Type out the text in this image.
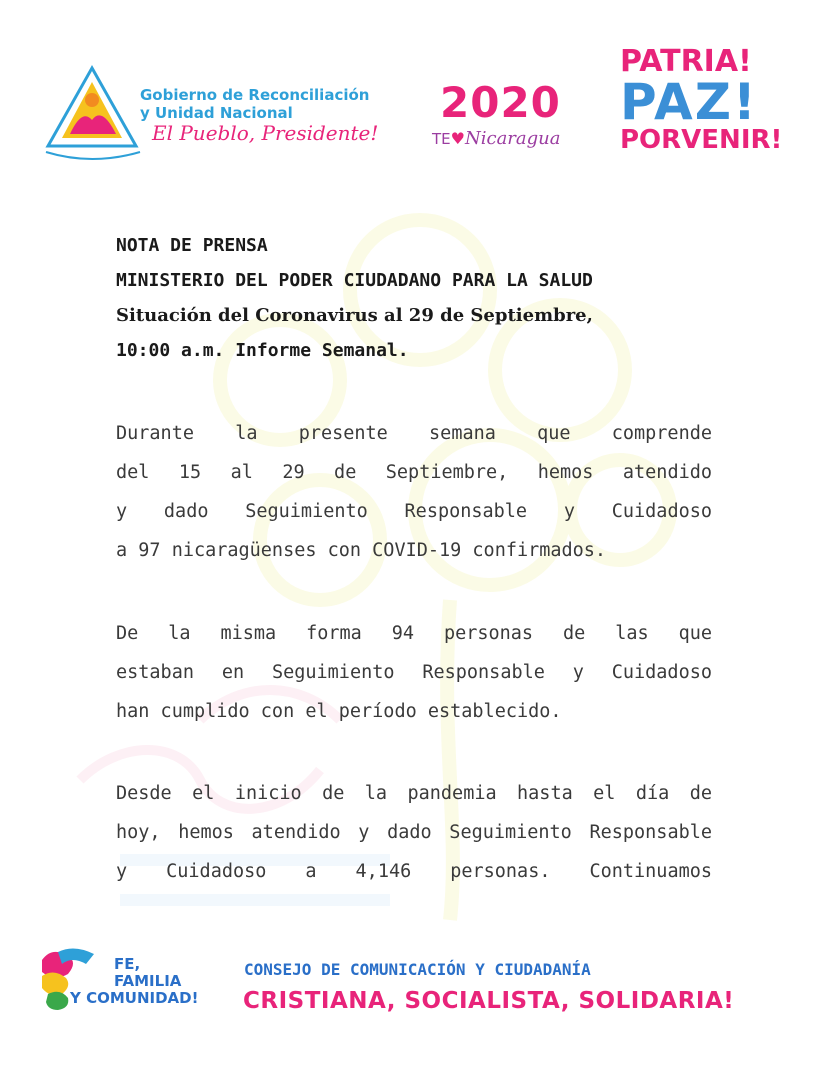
Gobierno de Reconciliación
y Unidad Nacional
El Pueblo, Presidente!
2020
TE♥Nicaragua
PATRIA!
PAZ!
PORVENIR!
NOTA DE PRENSA
MINISTERIO DEL PODER CIUDADANO PARA LA SALUD
Situación del Coronavirus al 29 de Septiembre,
10:00 a.m. Informe Semanal.
Durante la presente semana que comprende
del 15 al 29 de Septiembre, hemos atendido
y dado Seguimiento Responsable y Cuidadoso
a 97 nicaragüenses con COVID-19 confirmados.
De la misma forma 94 personas de las que
estaban en Seguimiento Responsable y Cuidadoso
han cumplido con el período establecido.
Desde el inicio de la pandemia hasta el día de
hoy, hemos atendido y dado Seguimiento Responsable
y Cuidadoso a 4,146 personas. Continuamos
FE,
FAMILIA
Y COMUNIDAD!
CONSEJO DE COMUNICACIÓN Y CIUDADANÍA
CRISTIANA, SOCIALISTA, SOLIDARIA!
